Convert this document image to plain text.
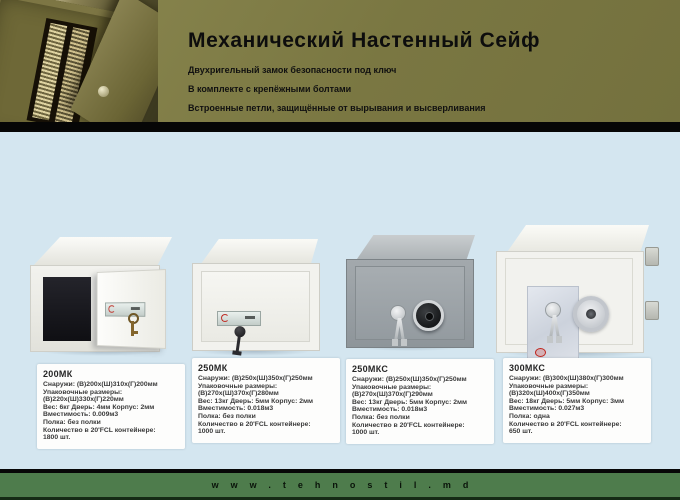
Механический Настенный Сейф
Двухригельный замок безопасности под ключ
В комплекте с крепёжными болтами
Встроенные петли, защищённые от вырывания и высверливания
200МК
Снаружи: (В)200х(Ш)310х(Г)200мм
Упаковочные размеры:
(В)220х(Ш)330х(Г)220мм
Вес: 6кг Дверь: 4мм Корпус: 2мм
Вместимость: 0.009м3
Полка: без полки
Количество в 20'FCL контейнере:
1800 шт.
250МК
Снаружи: (В)250х(Ш)350х(Г)250мм
Упаковочные размеры:
(В)270х(Ш)370х(Г)280мм
Вес: 13кг Дверь: 5мм Корпус: 2мм
Вместимость: 0.018м3
Полка: без полки
Количество в 20'FCL контейнере:
1000 шт.
250МКС
Снаружи: (В)250х(Ш)350х(Г)250мм
Упаковочные размеры:
(В)270х(Ш)370х(Г)290мм
Вес: 13кг Дверь: 5мм Корпус: 2мм
Вместимость: 0.018м3
Полка: без полки
Количество в 20'FCL контейнере:
1000 шт.
300МКС
Снаружи: (В)300х(Ш)380х(Г)300мм
Упаковочные размеры:
(В)320х(Ш)400х(Г)350мм
Вес: 18кг Дверь: 5мм Корпус: 3мм
Вместимость: 0.027м3
Полка: одна
Количество в 20'FCL контейнере:
650 шт.
www.tehnostil.md
